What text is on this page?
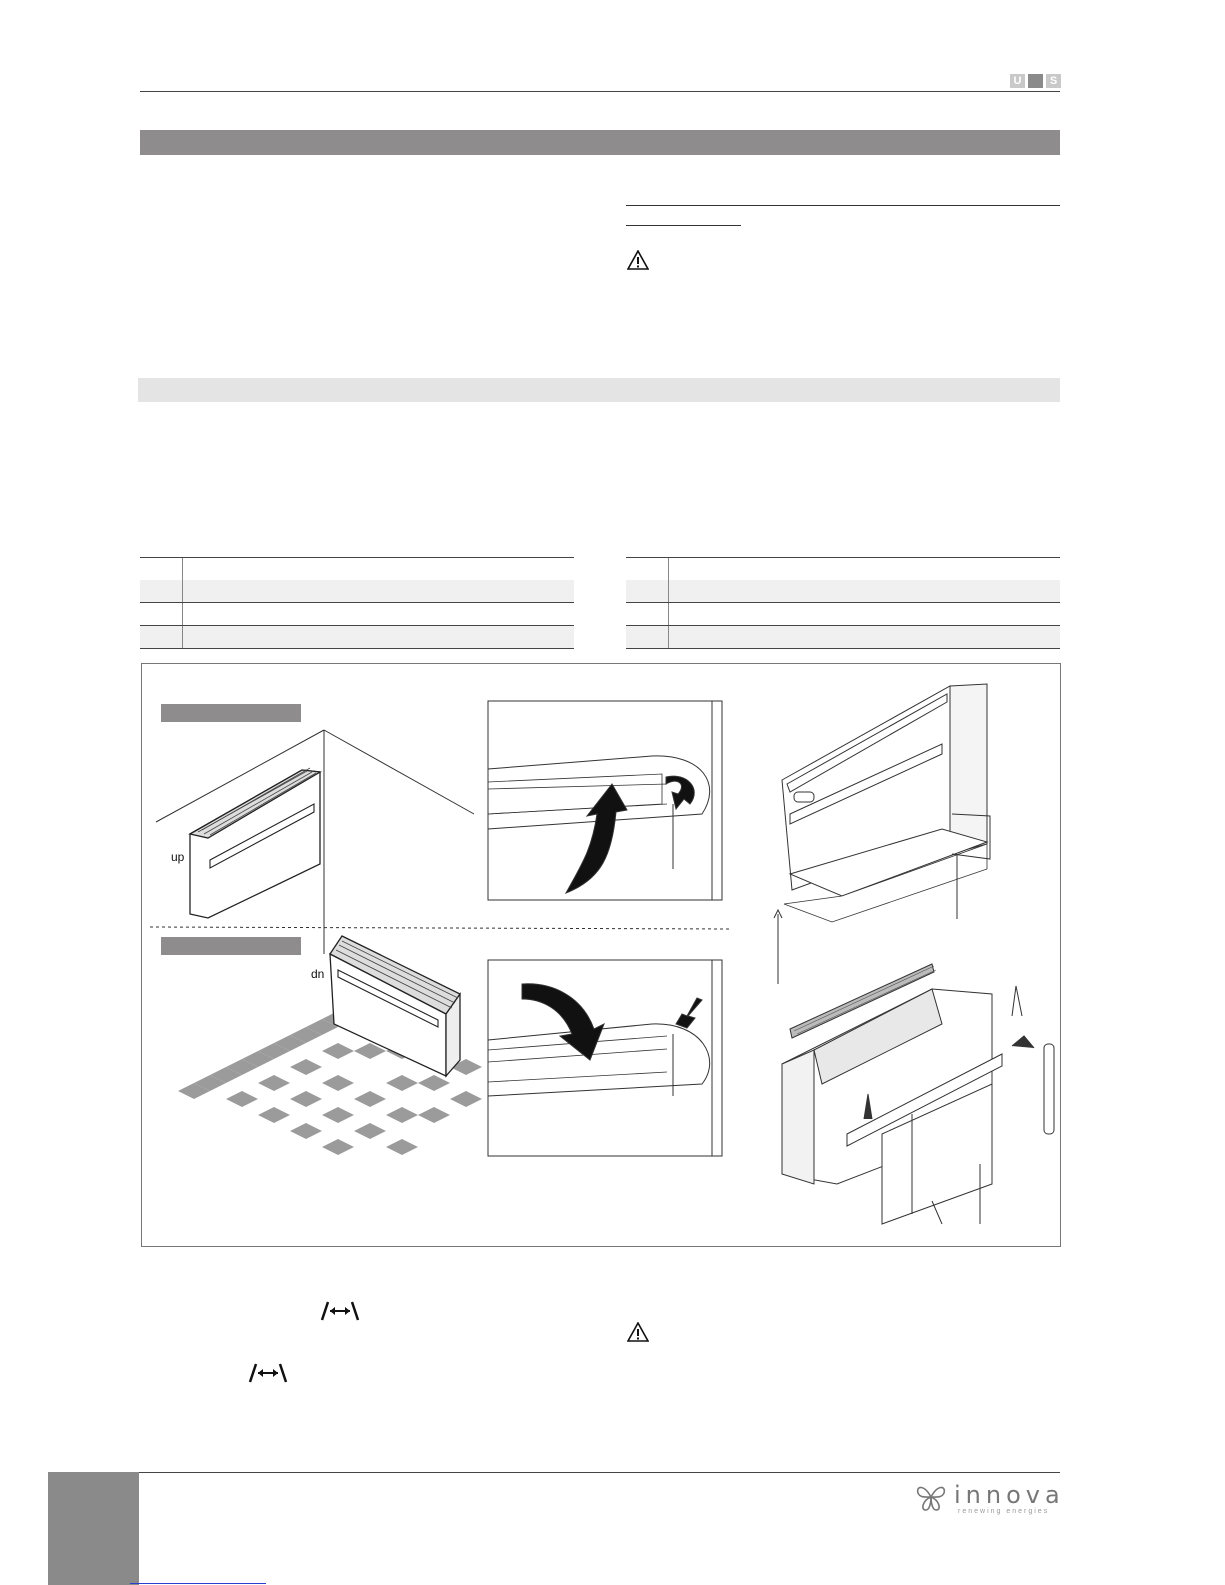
U	S
up
dn
innova
renewing energies
